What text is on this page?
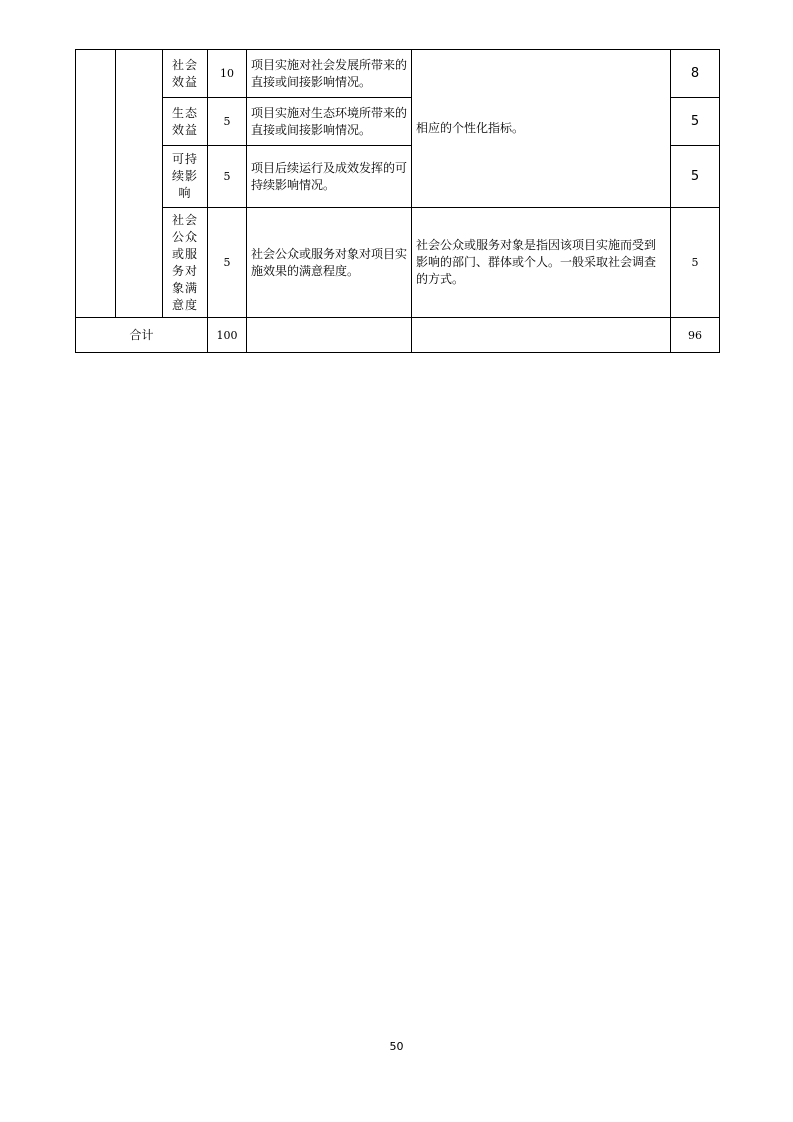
		社会效益	10	项目实施对社会发展所带来的直接或间接影响情况。	相应的个性化指标。	8
		生态效益	5	项目实施对生态环境所带来的直接或间接影响情况。		5
		可持续影响	5	项目后续运行及成效发挥的可持续影响情况。		5
		社会公众或服务对象满意度	5	社会公众或服务对象对项目实施效果的满意程度。	社会公众或服务对象是指因该项目实施而受到影响的部门、群体或个人。一般采取社会调查的方式。	5
合计			100			96
50
